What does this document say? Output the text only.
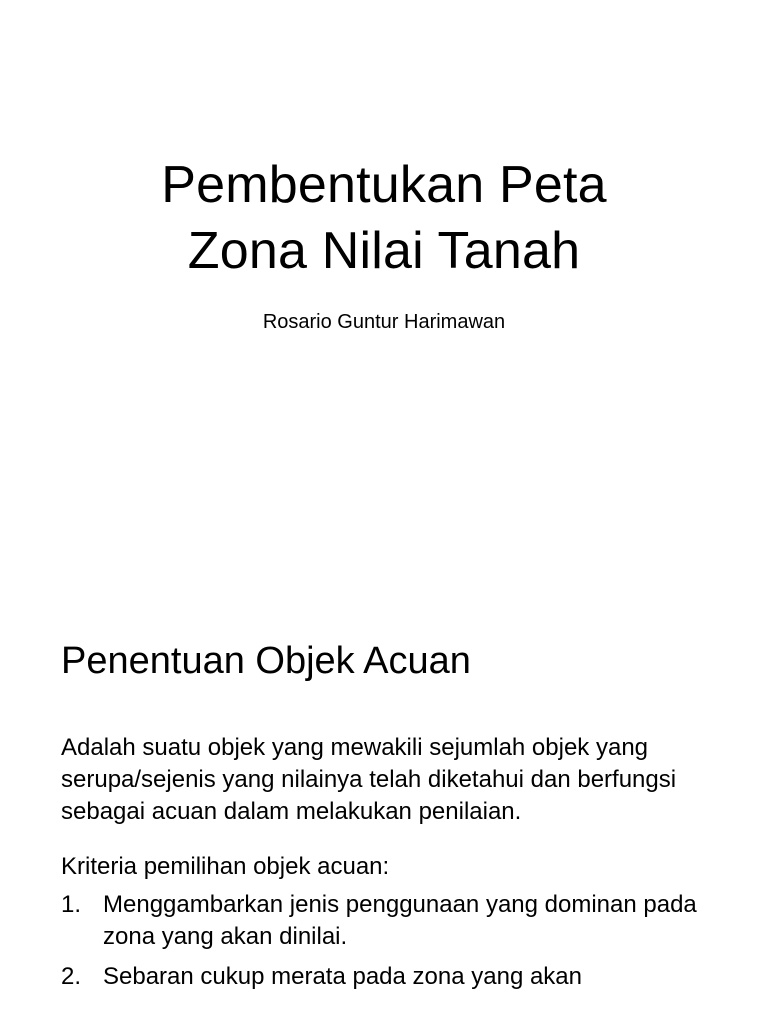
Pembentukan Peta
Zona Nilai Tanah
Rosario Guntur Harimawan
Penentuan Objek Acuan

Adalah suatu objek yang mewakili sejumlah objek yang serupa/sejenis yang nilainya telah diketahui dan berfungsi sebagai acuan dalam melakukan penilaian.

Kriteria pemilihan objek acuan:

1. Menggambarkan jenis penggunaan yang dominan pada zona yang akan dinilai.
2. Sebaran cukup merata pada zona yang akan
